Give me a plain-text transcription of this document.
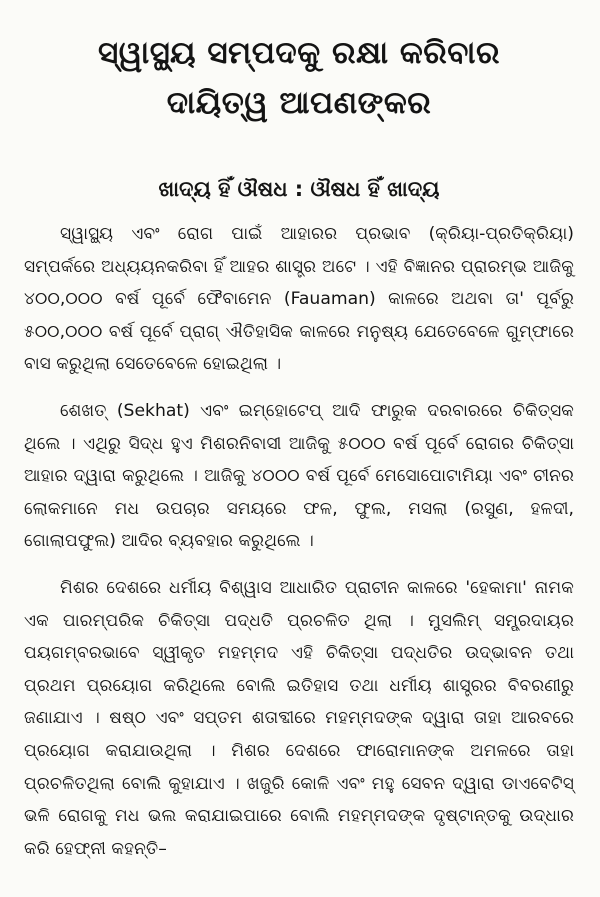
ସ୍ୱାସ୍ଥ୍ୟ ସମ୍ପଦକୁ ରକ୍ଷା କରିବାର
ଦାୟିତ୍ୱ ଆପଣଙ୍କର
ଖାଦ୍ୟ ହିଁ ଔଷଧ : ଔଷଧ ହିଁ ଖାଦ୍ୟ

ସ୍ୱାସ୍ଥ୍ୟ ଏବଂ ରୋଗ ପାଇଁ ଆହାରର ପ୍ରଭାବ (କ୍ରିୟା-ପ୍ରତିକ୍ରିୟା) ସମ୍ପର୍କରେ ଅଧ୍ୟୟନକରିବା ହିଁ ଆହର ଶାସ୍ତ୍ର ଅଟେ । ଏହି ବିଜ୍ଞାନର ପ୍ରାରମ୍ଭ ଆଜିକୁ ୪୦୦,୦୦୦ ବର୍ଷ ପୂର୍ବେ ଫୈବାମେନ (Fauaman) କାଳରେ ଅଥବା ତା' ପୂର୍ବରୁ ୫୦୦,୦୦୦ ବର୍ଷ ପୂର୍ବେ ପ୍ରାଗ୍ ଐତିହାସିକ କାଳରେ ମନୁଷ୍ୟ ଯେତେବେଳେ ଗୁମ୍ଫାରେ ବାସ କରୁଥିଲା ସେତେବେଳେ ହୋଇଥିଲା ।

ଶେଖତ୍ (Sekhat) ଏବଂ ଇମ୍ହୋଟେପ୍ ଆଦି ଫାରୁକ ଦରବାରରେ ଚିକିତ୍ସକ ଥିଲେ । ଏଥିରୁ ସିଦ୍ଧ ହୁଏ ମିଶରନିବାସୀ ଆଜିକୁ ୫୦୦୦ ବର୍ଷ ପୂର୍ବେ ରୋଗର ଚିକିତ୍ସା ଆହାର ଦ୍ୱାରା କରୁଥିଲେ । ଆଜିକୁ ୪୦୦୦ ବର୍ଷ ପୂର୍ବେ ମେସୋପୋଟାମିୟା ଏବଂ ଚୀନର ଲୋକମାନେ ମଧ ଉପଚାର ସମୟରେ ଫଳ, ଫୁଲ, ମସଲା (ରସୁଣ, ହଳଦୀ, ଗୋଲାପଫୁଲ) ଆଦିର ବ୍ୟବହାର କରୁଥିଲେ ।

ମିଶର ଦେଶରେ ଧର୍ମୀୟ ବିଶ୍ୱାସ ଆଧାରିତ ପ୍ରାଚୀନ କାଳରେ 'ହେକାମା' ନାମକ ଏକ ପାରମ୍ପରିକ ଚିକିତ୍ସା ପଦ୍ଧତି ପ୍ରଚଳିତ ଥିଲା । ମୁସଲିମ୍ ସମ୍ପ୍ରଦାୟର ପୟଗମ୍ବରଭାବେ ସ୍ୱୀକୃତ ମହମ୍ମଦ ଏହି ଚିକିତ୍ସା ପଦ୍ଧତିର ଉଦ୍ଭାବନ ତଥା ପ୍ରଥମ ପ୍ରୟୋଗ କରିଥିଲେ ବୋଲି ଇତିହାସ ତଥା ଧର୍ମୀୟ ଶାସ୍ତ୍ରର ବିବରଣୀରୁ ଜଣାଯାଏ । ଷଷ୍ଠ ଏବଂ ସପ୍ତମ ଶତାବ୍ଦୀରେ ମହମ୍ମଦଙ୍କ ଦ୍ୱାରା ତାହା ଆରବରେ ପ୍ରୟୋଗ କରାଯାଉଥିଲା । ମିଶର ଦେଶରେ ଫାରୋମାନଙ୍କ ଅମଳରେ ତାହା ପ୍ରଚଳିତଥିଲା ବୋଲି କୁହାଯାଏ । ଖଜୁରି କୋଳି ଏବଂ ମହୁ ସେବନ ଦ୍ୱାରା ଡାଏବେଟିସ୍ ଭଳି ରୋଗକୁ ମଧ ଭଲ କରାଯାଇପାରେ ବୋଲି ମହମ୍ମଦଙ୍କ ଦୃଷ୍ଟାନ୍ତକୁ ଉଦ୍ଧାର କରି ହେଫ୍ନୀ କହନ୍ତି–
